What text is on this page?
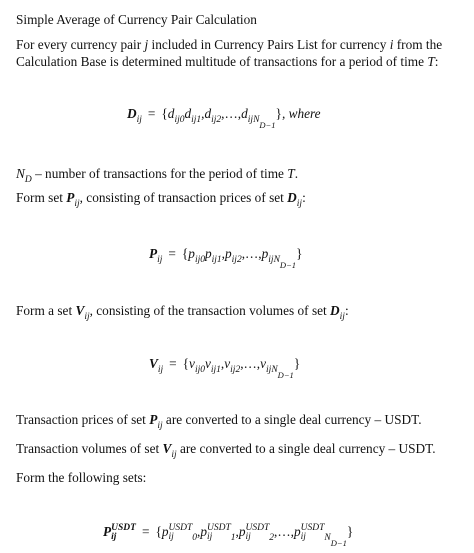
Simple Average of Currency Pair Calculation
For every currency pair j included in Currency Pairs List for currency i from the
Calculation Base is determined multitude of transactions for a period of time T:
$D_{ij}$ = $\{d_{ij0}d_{ij1},d_{ij2},\dots,d_{ijND-1}\}$, where
$N_D$ – number of transactions for the period of time T.
Form set $P_{ij}$, consisting of transaction prices of set $D_{ij}$:
$P_{ij}$ = $\{p_{ij0}p_{ij1},p_{ij2},\dots,p_{ijND-1}\}$
Form a set $V_{ij}$, consisting of the transaction volumes of set $D_{ij}$:
$V_{ij}$ = $\{v_{ij0}v_{ij1},v_{ij2},\dots,v_{ijND-1}\}$
Transaction prices of set $P_{ij}$ are converted to a single deal currency – USDT.
Transaction volumes of set $V_{ij}$ are converted to a single deal currency – USDT.
Form the following sets:
P USDT
ij	= {p USDT
ij	$_0$,p USDT
ij	$_1$,p USDT
ij	$_2$,…,p USDT
ij	$_{ND-1}$}
